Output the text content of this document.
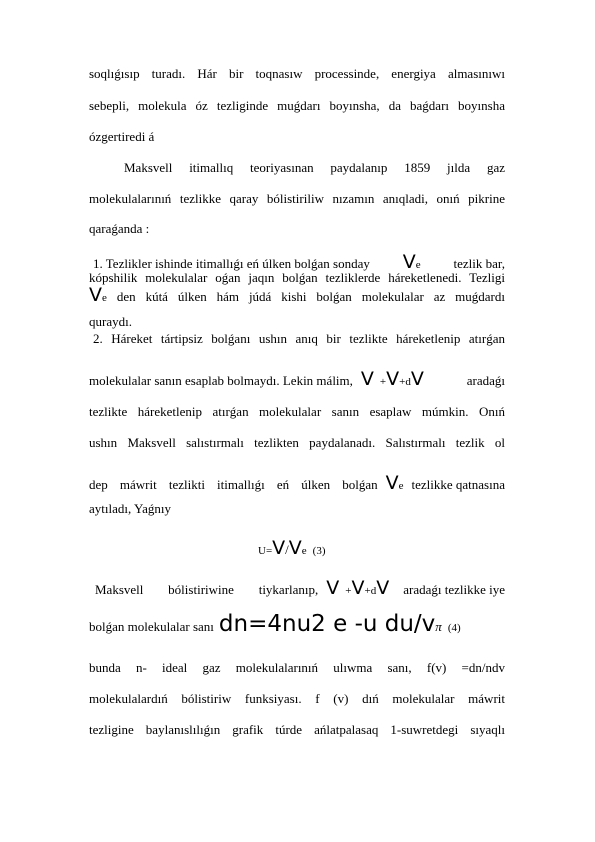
soqlıǵısıp turadı. Hár bir toqnasıw processinde, energiya almasınıwı
sebepli, molekula óz tezliginde muǵdarı boyınsha, da baǵdarı boyınsha
ózgertiredi á
Maksvell itimallıq teoriyasınan paydalanıp 1859 jılda gaz
molekulalarınıń tezlikke qaray bólistiriliw nızamın anıqladi, onıń pikrine
qaraǵanda :
1. Tezlikler ishinde itimallıǵı eń úlken bolǵan sonday Ve	tezlik bar,
kópshilik molekulalar oǵan jaqın bolǵan tezliklerde háreketlenedi. Tezligi
Ve den kútá úlken hám júdá kishi bolǵan molekulalar az muǵdardı
quraydı.
2. Háreket tártipsiz bolǵanı ushın anıq bir tezlikte háreketlenip atırǵan
molekulalar sanın esaplab bolmaydı. Lekin málim, V + V +d V	aradaǵı
tezlikte háreketlenip atırǵan molekulalar sanın esaplaw múmkin. Onıń
ushın Maksvell salıstırmalı tezlikten paydalanadı. Salıstırmalı tezlik ol
dep máwrit tezlikti itimallıǵı eń úlken bolǵan Ve tezlikke qatnasına
aytıladı, Yaǵnıy
U= V / V e (3)
Maksvell bólistiriwine tiykarlanıp, V + V +d V aradaǵı tezlikke iye
bolǵan molekulalar sanı dn=4nu2 e -u du/v π (4)
bunda n- ideal gaz molekulalarınıń ulıwma sanı, f(v) =dn/ndv
molekulalardıń bólistiriw funksiyası. f (v) dıń molekulalar máwrit
tezligine baylanıslılıǵın grafik túrde ańlatpalasaq 1-suwretdegi sıyaqlı
